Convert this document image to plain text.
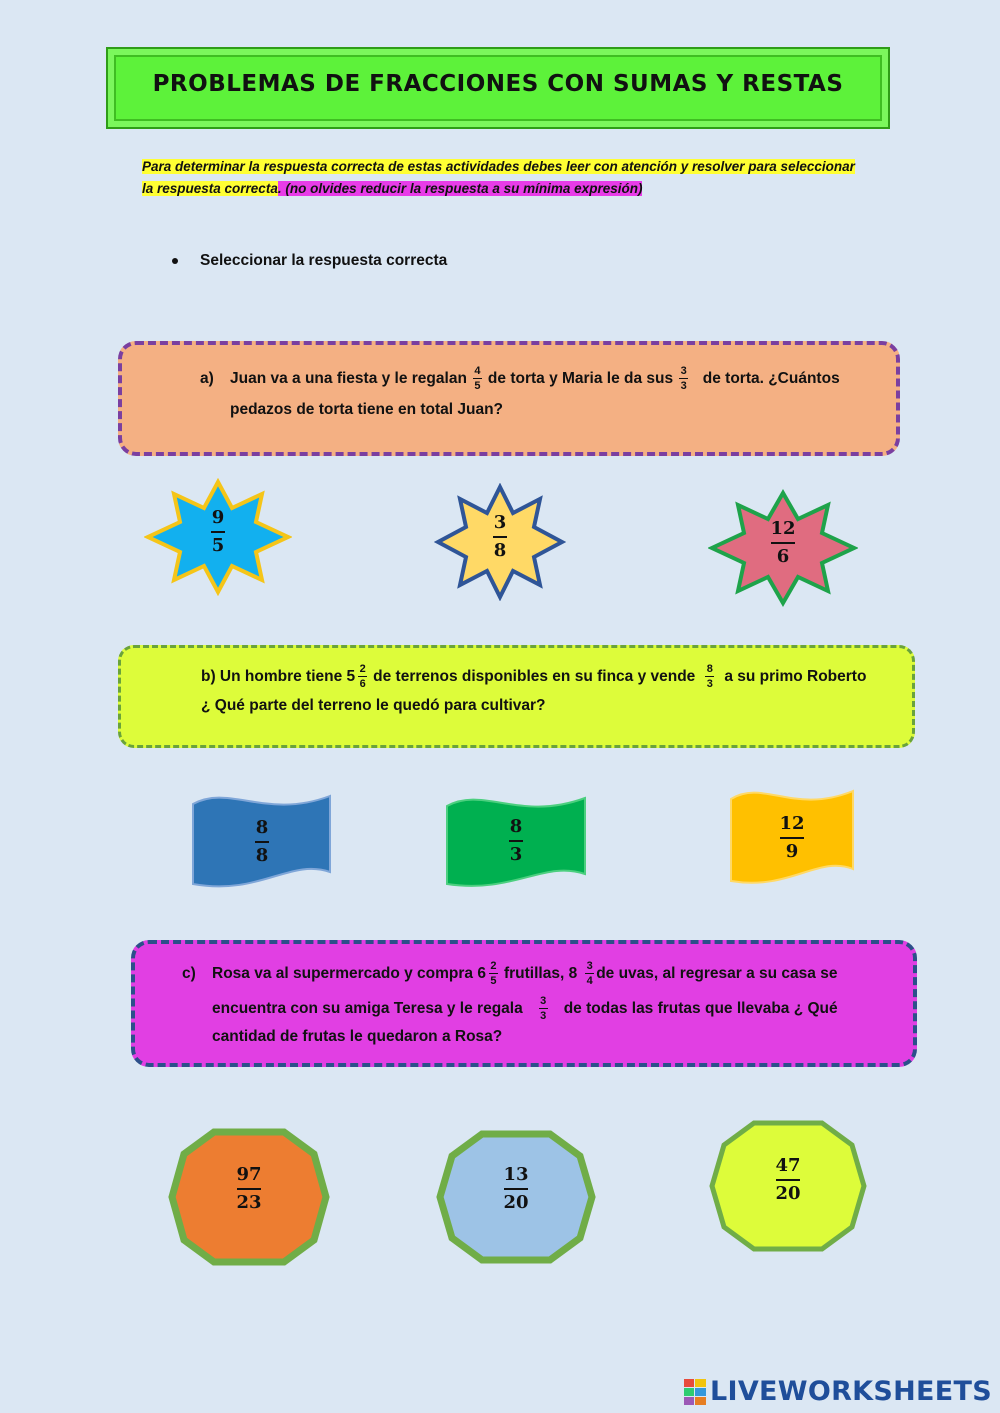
PROBLEMAS DE FRACCIONES CON SUMAS Y RESTAS
Para determinar la respuesta correcta de estas actividades debes leer con atención y resolver para seleccionar la respuesta correcta. (no olvides reducir la respuesta a su mínima expresión)
Seleccionar la respuesta correcta
a) Juan va a una fiesta y le regalan $\frac{4}{5}$ de torta y Maria le da sus $\frac{3}{3}$ de torta. ¿Cuántos
pedazos de torta tiene en total Juan?
9
5
3
8
12
6
b) Un hombre tiene $5 \frac{2}{6}$ de terrenos disponibles en su finca y vende $\frac{8}{3}$ a su primo Roberto
¿ Qué parte del terreno le quedó para cultivar?
8
8
8
3
12
9
c) Rosa va al supermercado y compra $6 \frac{2}{5}$ frutillas, $8 \frac{3}{4}$ de uvas, al regresar a su casa se
encuentra con su amiga Teresa y le regala $\frac{3}{3}$ de todas las frutas que llevaba ¿ Qué
cantidad de frutas le quedaron a Rosa?
97
23
13
20
47
20
LIVEWORKSHEETS
